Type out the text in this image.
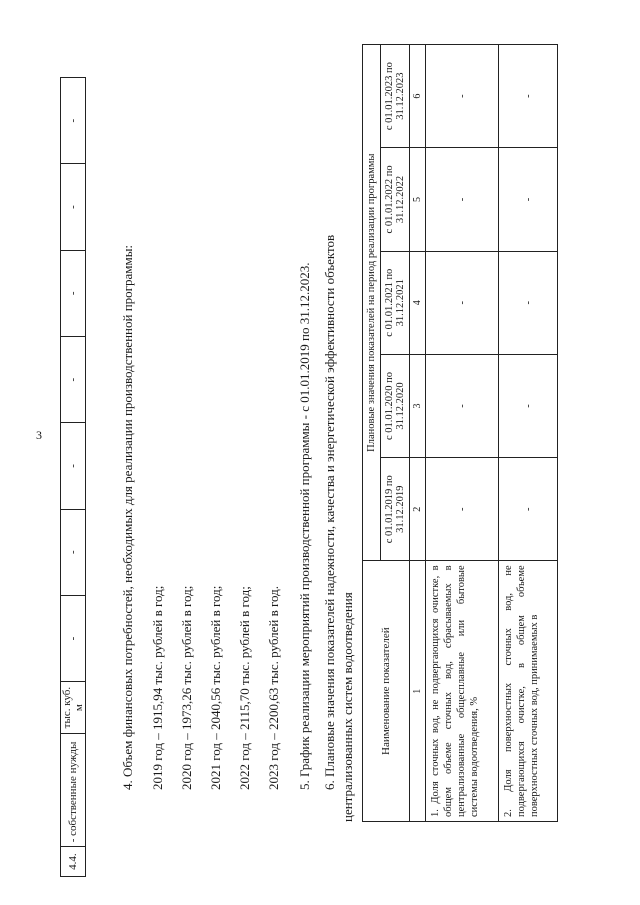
3
4.4.	- собственные нужды	тыс. куб. м	-	-	-	-	-	-	-
4. Объем финансовых потребностей, необходимых для реализации производственной программы: 2019 год – 1915,94 тыс. рублей в год; 2020 год – 1973,26 тыс. рублей в год; 2021 год – 2040,56 тыс. рублей в год; 2022 год – 2115,70 тыс. рублей в год; 2023 год – 2200,63 тыс. рублей в год. 5. График реализации мероприятий производственной программы - с 01.01.2019 по 31.12.2023. 6. Плановые значения показателей надежности, качества и энергетической эффективности объектов централизованных систем водоотведения Наименование показателей	Плановые значения показателей на период реализации программы				
	с 01.01.2019 по 31.12.2019	с 01.01.2020 по 31.12.2020	с 01.01.2021 по 31.12.2021	с 01.01.2022 по 31.12.2022	с 01.01.2023 по 31.12.2023
1	2	3	4	5	6
1. Доля сточных вод, не подвергающихся очистке, в общем объеме сточных вод, сбрасываемых в централизованные общесплавные или бытовые системы водоотведения, %	-	-	-	-	-
2. Доля поверхностных сточных вод, не подвергающихся очистке, в общем объеме поверхностных сточных вод, принимаемых в	-	-	-	-	-
